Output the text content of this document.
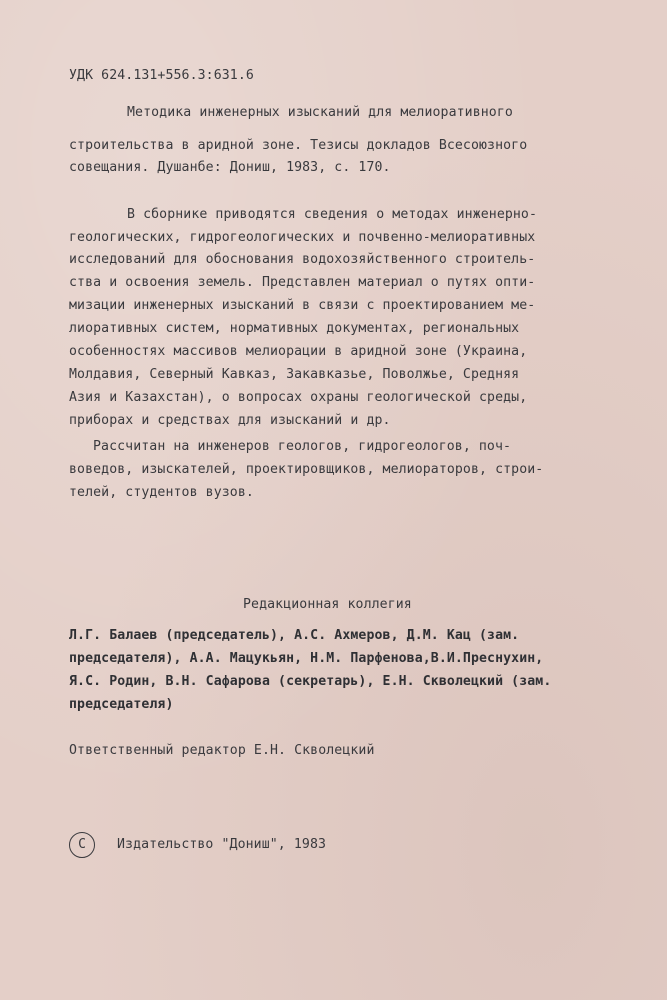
УДК 624.131+556.3:631.6
Методика инженерных изысканий для мелиоративного
строительства в аридной зоне. Тезисы докладов Всесоюзного
совещания. Душанбе: Дониш, 1983, с. 170.
В сборнике приводятся сведения о методах инженерно-
геологических, гидрогеологических и почвенно-мелиоративных
исследований для обоснования водохозяйственного строитель-
ства и освоения земель. Представлен материал о путях опти-
мизации инженерных изысканий в связи с проектированием ме-
лиоративных систем, нормативных документах, региональных
особенностях массивов мелиорации в аридной зоне (Украина,
Молдавия, Северный Кавказ, Закавказье, Поволжье, Средняя
Азия и Казахстан), о вопросах охраны геологической среды,
приборах и средствах для изысканий и др.
Рассчитан на инженеров геологов, гидрогеологов, поч-
воведов, изыскателей, проектировщиков, мелиораторов, строи-
телей, студентов вузов.
Редакционная коллегия
Л.Г. Балаев (председатель), А.С. Ахмеров, Д.М. Кац (зам.
председателя), А.А. Мацукьян, Н.М. Парфенова,В.И.Преснухин,
Я.С. Родин, В.Н. Сафарова (секретарь), Е.Н. Скволецкий (зам.
председателя)
Ответственный редактор Е.Н. Скволецкий
С	Издательство "Дониш", 1983
